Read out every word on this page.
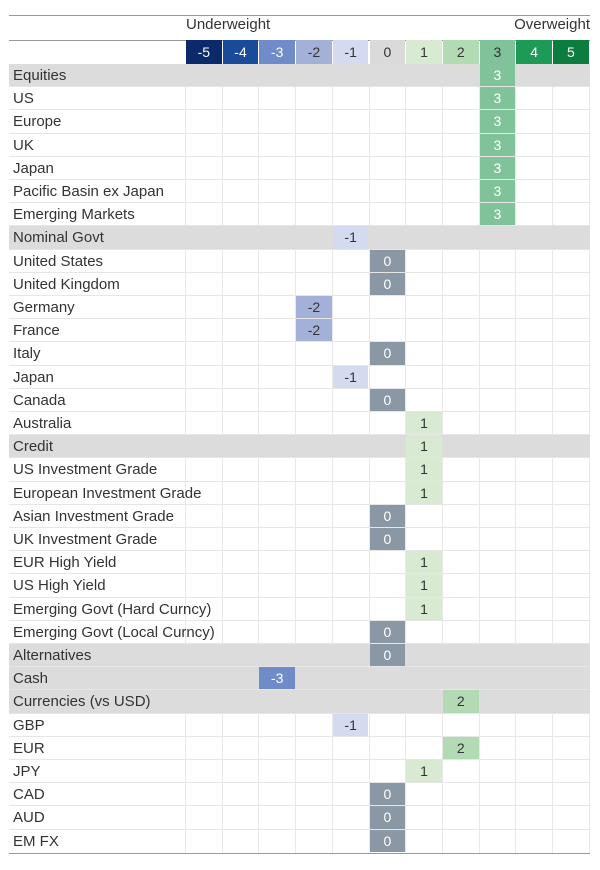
Underweight	Overweight
-5	-4	-3	-2	-1	0	1	2	3	4	5
Equities	3
US	3
Europe	3
UK	3
Japan	3
Pacific Basin ex Japan	3
Emerging Markets	3
Nominal Govt	-1
United States	0
United Kingdom	0
Germany	-2
France	-2
Italy	0
Japan	-1
Canada	0
Australia	1
Credit	1
US Investment Grade	1
European Investment Grade	1
Asian Investment Grade	0
UK Investment Grade	0
EUR High Yield	1
US High Yield	1
Emerging Govt (Hard Curncy)	1
Emerging Govt (Local Curncy)	0
Alternatives	0
Cash	-3
Currencies (vs USD)	2
GBP	-1
EUR	2
JPY	1
CAD	0
AUD	0
EM FX	0
